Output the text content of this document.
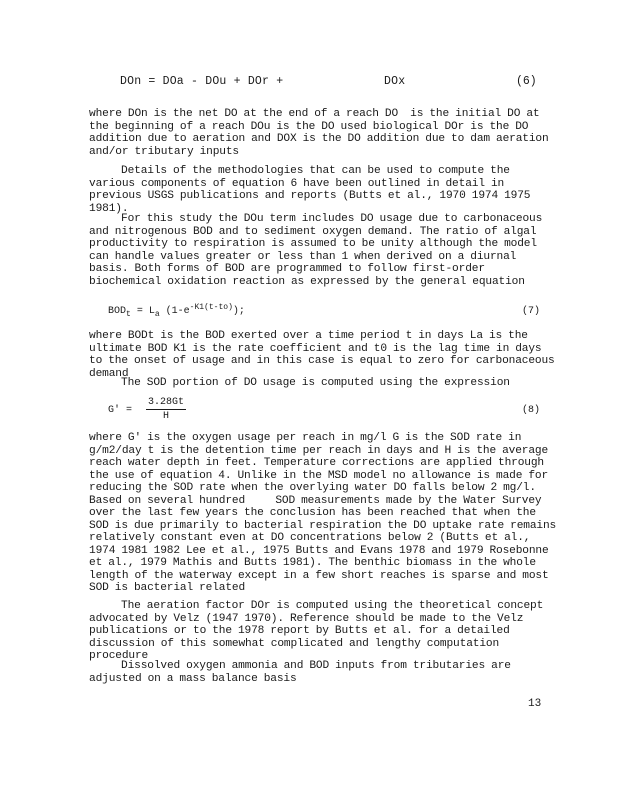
DOn = DOa - DOu + DOr +	DOx	(6)
where DOn is the net DO at the end of a reach DO  is the initial DO at the beginning of a reach DOu is the DO used biological DOr is the DO addition due to aeration and DOX is the DO addition due to dam aeration and/or tributary inputs
Details of the methodologies that can be used to compute the various components of equation 6 have been outlined in detail in previous USGS publications and reports (Butts et al., 1970 1974 1975 1981).
For this study the DOu term includes DO usage due to carbonaceous and nitrogenous BOD and to sediment oxygen demand. The ratio of algal productivity to respiration is assumed to be unity although the model can handle values greater or less than 1 when derived on a diurnal basis. Both forms of BOD are programmed to follow first-order biochemical oxidation reaction as expressed by the general equation
$BOD_t = L_a$ $(1-e^{-K1(t-to)})$;	(7)
where BODt is the BOD exerted over a time period t in days La is the ultimate BOD K1 is the rate coefficient and t0 is the lag time in days to the onset of usage and in this case is equal to zero for carbonaceous demand
The SOD portion of DO usage is computed using the expression
$G' = \frac{3.28Gt}{H}$	(8)
where G' is the oxygen usage per reach in mg/l G is the SOD rate in g/m2/day t is the detention time per reach in days and H is the average reach water depth in feet. Temperature corrections are applied through the use of equation 4. Unlike in the MSD model no allowance is made for reducing the SOD rate when the overlying water DO falls below 2 mg/l. Based on several hundred     SOD measurements made by the Water Survey over the last few years the conclusion has been reached that when the SOD is due primarily to bacterial respiration the DO uptake rate remains relatively constant even at DO concentrations below 2 (Butts et al., 1974 1981 1982 Lee et al., 1975 Butts and Evans 1978 and 1979 Rosebonne et al., 1979 Mathis and Butts 1981). The benthic biomass in the whole length of the waterway except in a few short reaches is sparse and most SOD is bacterial related
The aeration factor DOr is computed using the theoretical concept advocated by Velz (1947 1970). Reference should be made to the Velz publications or to the 1978 report by Butts et al. for a detailed discussion of this somewhat complicated and lengthy computation procedure
Dissolved oxygen ammonia and BOD inputs from tributaries are adjusted on a mass balance basis
13
